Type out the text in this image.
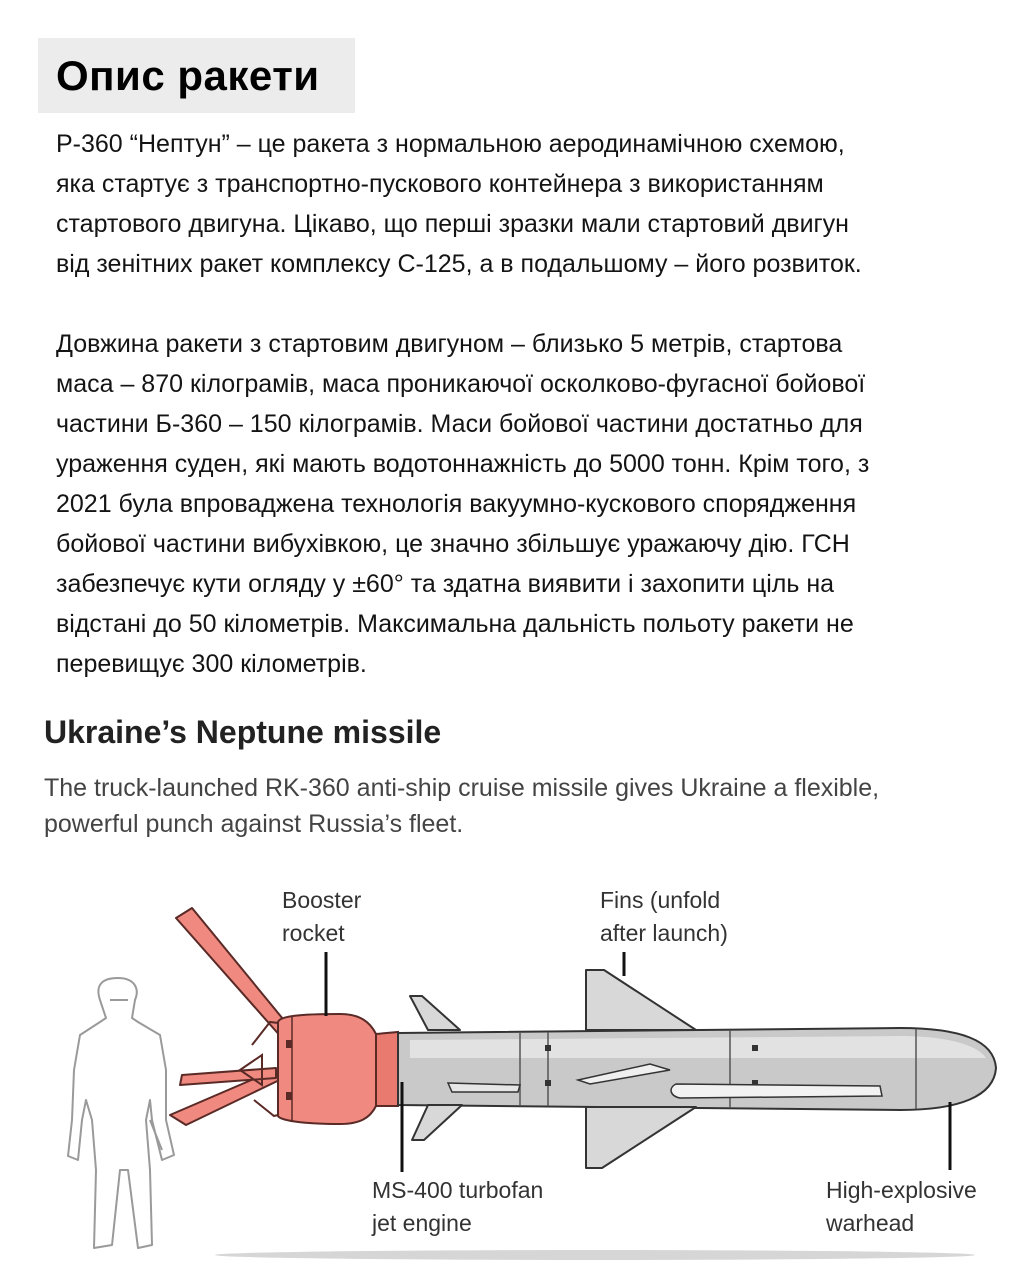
Опис ракети
Р-360 “Нептун” – це ракета з нормальною аеродинамічною схемою,
яка стартує з транспортно-пускового контейнера з використанням
стартового двигуна. Цікаво, що перші зразки мали стартовий двигун
від зенітних ракет комплексу С-125, а в подальшому – його розвиток.
Довжина ракети з стартовим двигуном – близько 5 метрів, стартова
маса – 870 кілограмів, маса проникаючої осколково-фугасної бойової
частини Б-360 – 150 кілограмів. Маси бойової частини достатньо для
ураження суден, які мають водотоннажність до 5000 тонн. Крім того, з
2021 була впроваджена технологія вакуумно-кускового спорядження
бойової частини вибухівкою, це значно збільшує уражаючу дію. ГСН
забезпечує кути огляду у ±60° та здатна виявити і захопити ціль на
відстані до 50 кілометрів. Максимальна дальність польоту ракети не
перевищує 300 кілометрів.
Ukraine’s Neptune missile
The truck-launched RK-360 anti-ship cruise missile gives Ukraine a flexible,
powerful punch against Russia’s fleet.
Booster
rocket
Fins (unfold
after launch)
MS-400 turbofan
jet engine
High-explosive
warhead
